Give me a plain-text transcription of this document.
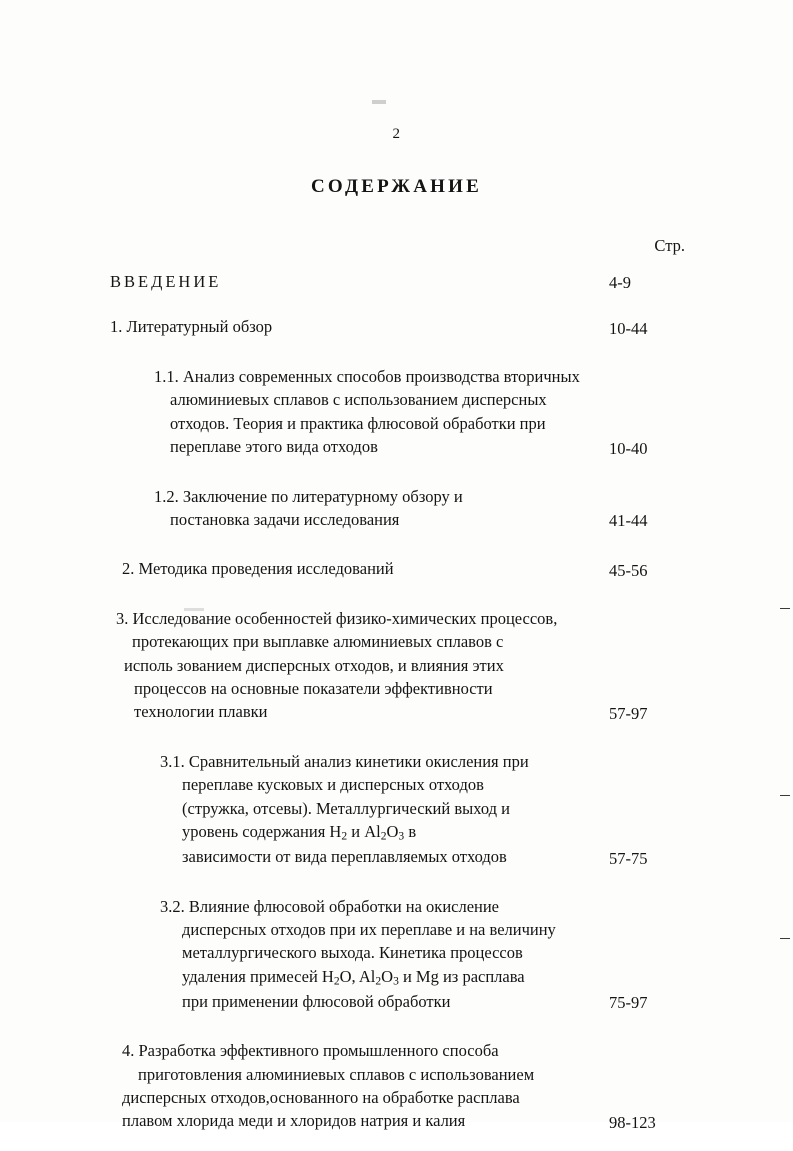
2
СОДЕРЖАНИЕ
Стр.
ВВЕДЕНИЕ	4-9
1. Литературный обзор	10-44
1.1. Анализ современных способов производства вторичных
алюминиевых сплавов с использованием дисперсных
отходов. Теория и практика флюсовой обработки при
переплаве этого вида отходов	10-40
1.2. Заключение по литературному обзору и
постановка задачи исследования	41-44
2. Методика проведения исследований	45-56
3. Исследование особенностей физико-химических процессов,
протекающих при выплавке алюминиевых сплавов с
исполь зованием дисперсных отходов, и влияния этих
процессов на основные показатели эффективности
технологии плавки	57-97
3.1. Сравнительный анализ кинетики окисления при
переплаве кусковых и дисперсных отходов
(стружка, отсевы). Металлургический выход и
уровень содержания $H_2$ и $Al_2O_3$ в
зависимости от вида переплавляемых отходов	57-75
3.2. Влияние флюсовой обработки на окисление
дисперсных отходов при их переплаве и на величину
металлургического выхода. Кинетика процессов
удаления примесей $H_2O$, $Al_2O_3$ и Mg из расплава
при применении флюсовой обработки	75-97
4. Разработка эффективного промышленного способа
приготовления алюминиевых сплавов с использованием
дисперсных отходов,основанного на обработке расплава
плавом хлорида меди и хлоридов натрия и калия	98-123
